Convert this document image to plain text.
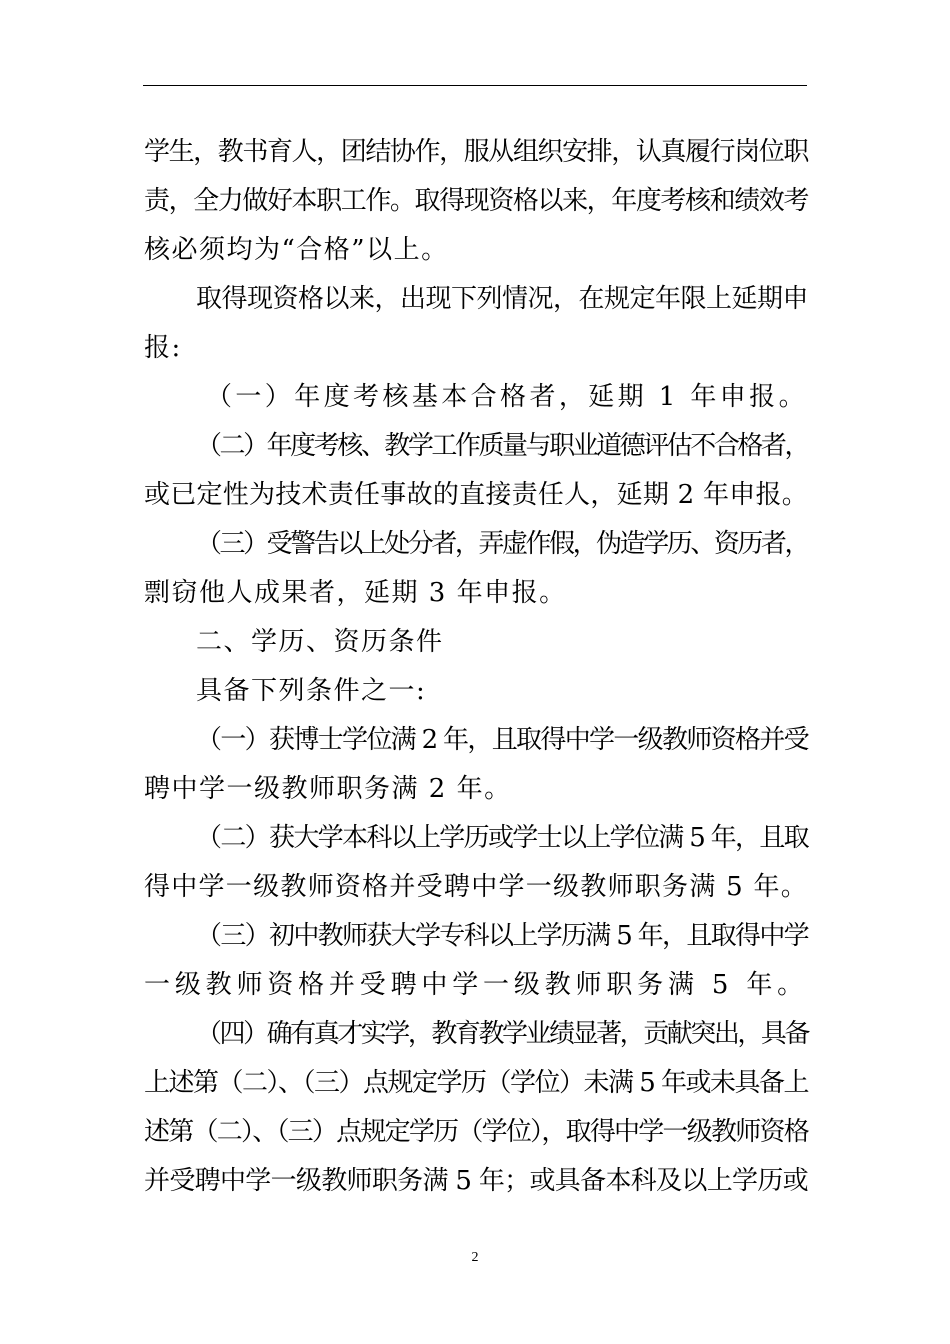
学生，教书育人，团结协作，服从组织安排，认真履行岗位职
责，全力做好本职工作。取得现资格以来，年度考核和绩效考
核必须均为“合格”以上。
取得现资格以来，出现下列情况，在规定年限上延期申
报:
（一）年度考核基本合格者，延期 1 年申报。
（二）年度考核、教学工作质量与职业道德评估不合格者，
或已定性为技术责任事故的直接责任人，延期 2 年申报。
（三）受警告以上处分者，弄虚作假，伪造学历、资历者，
剽窃他人成果者，延期 3 年申报。
二、学历、资历条件
具备下列条件之一:
（一）获博士学位满 2 年，且取得中学一级教师资格并受
聘中学一级教师职务满 2 年。
（二）获大学本科以上学历或学士以上学位满 5 年，且取
得中学一级教师资格并受聘中学一级教师职务满 5 年。
（三）初中教师获大学专科以上学历满 5 年，且取得中学
一级教师资格并受聘中学一级教师职务满 5 年。
（四）确有真才实学，教育教学业绩显著，贡献突出，具备
上述第（二）、（三）点规定学历（学位）未满 5 年或未具备上
述第（二）、（三）点规定学历（学位），取得中学一级教师资格
并受聘中学一级教师职务满 5 年；或具备本科及以上学历或
2
